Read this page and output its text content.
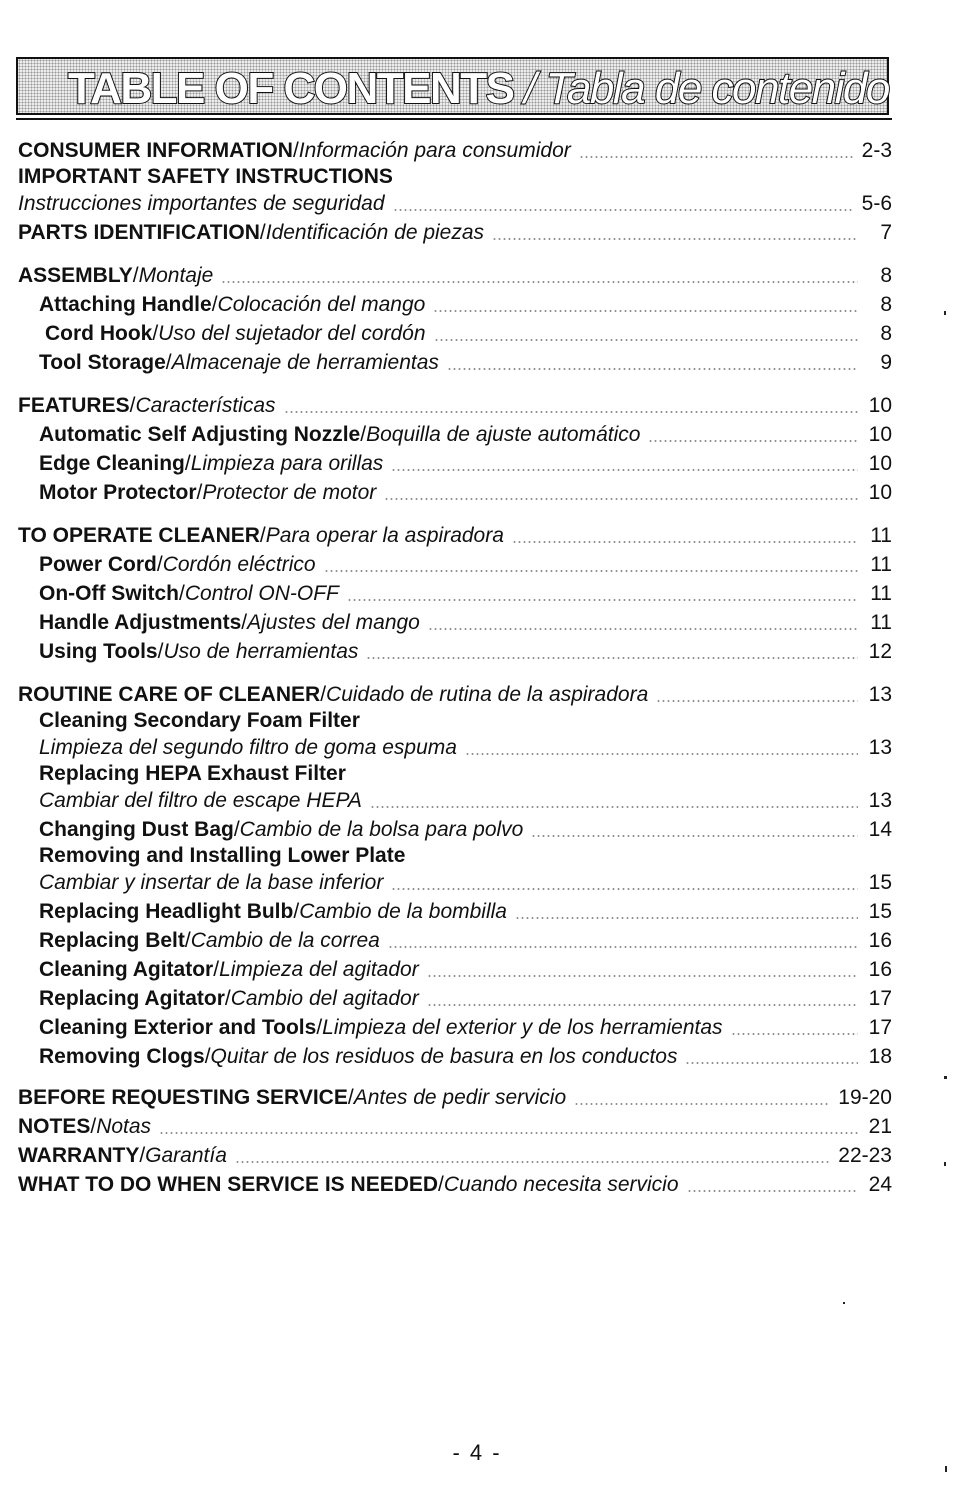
TABLE OF CONTENTS / Tabla de contenido
CONSUMER INFORMATION / Información para consumidor	2-3
IMPORTANT SAFETY INSTRUCTIONS
Instrucciones importantes de seguridad	5-6
PARTS IDENTIFICATION / Identificación de piezas	7
ASSEMBLY / Montaje	8
Attaching Handle / Colocación del mango	8
Cord Hook / Uso del sujetador del cordón	8
Tool Storage / Almacenaje de herramientas	9
FEATURES / Características	10
Automatic Self Adjusting Nozzle / Boquilla de ajuste automático	10
Edge Cleaning / Limpieza para orillas	10
Motor Protector / Protector de motor	10
TO OPERATE CLEANER / Para operar la aspiradora	11
Power Cord / Cordón eléctrico	11
On-Off Switch / Control ON-OFF	11
Handle Adjustments / Ajustes del mango	11
Using Tools / Uso de herramientas	12
ROUTINE CARE OF CLEANER / Cuidado de rutina de la aspiradora	13
Cleaning Secondary Foam Filter
Limpieza del segundo filtro de goma espuma	13
Replacing HEPA Exhaust Filter
Cambiar del filtro de escape HEPA	13
Changing Dust Bag / Cambio de la bolsa para polvo	14
Removing and Installing Lower Plate
Cambiar y insertar de la base inferior	15
Replacing Headlight Bulb / Cambio de la bombilla	15
Replacing Belt / Cambio de la correa	16
Cleaning Agitator / Limpieza del agitador	16
Replacing Agitator / Cambio del agitador	17
Cleaning Exterior and Tools / Limpieza del exterior y de los herramientas	17
Removing Clogs / Quitar de los residuos de basura en los conductos	18
BEFORE REQUESTING SERVICE / Antes de pedir servicio	19-20
NOTES / Notas	21
WARRANTY / Garantía	22-23
WHAT TO DO WHEN SERVICE IS NEEDED / Cuando necesita servicio	24
- 4 -
